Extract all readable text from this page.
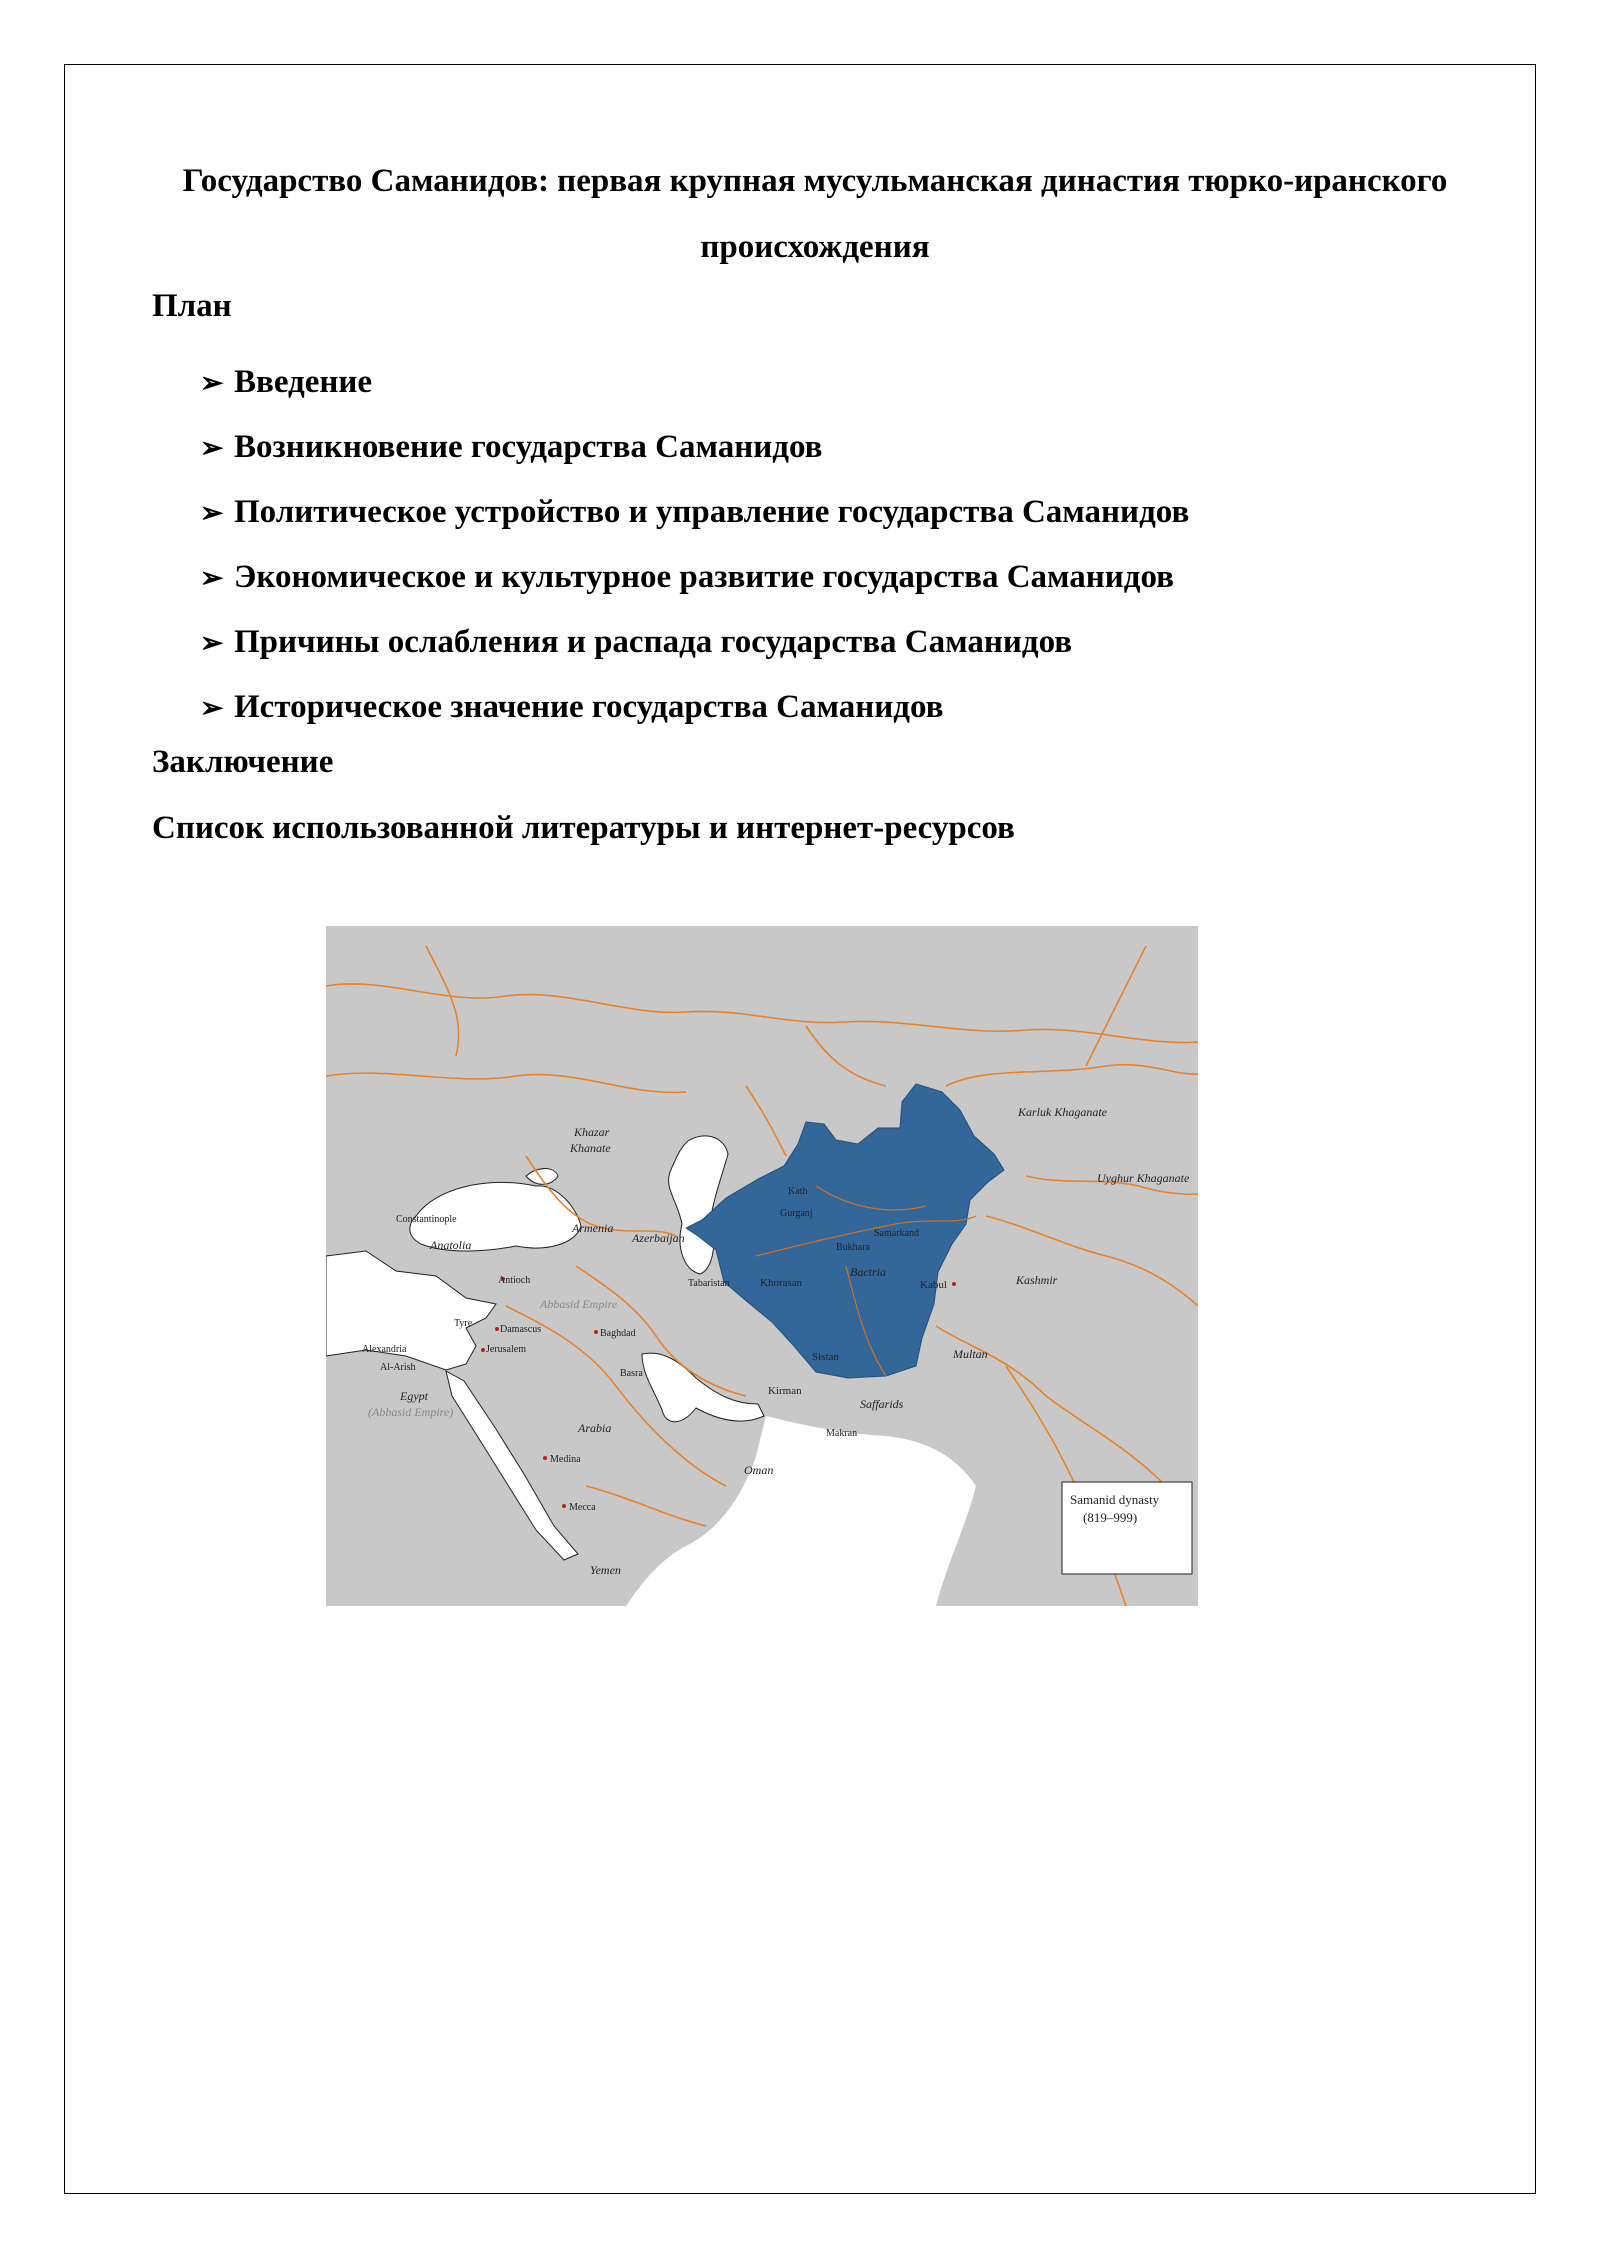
Государство Саманидов: первая крупная мусульманская династия тюрко-иранского происхождения
План
➢ Введение
➢ Возникновение государства Саманидов
➢ Политическое устройство и управление государства Саманидов
➢ Экономическое и культурное развитие государства Саманидов
➢ Причины ослабления и распада государства Саманидов
➢ Историческое значение государства Саманидов
Заключение
Список использованной литературы и интернет-ресурсов
Samanid dynasty
(819–999)
Karluk Khaganate
Uyghur Khaganate
Khazar
Khanate
Kath
Gurganj
Samarkand
Bukhara
Bactria
Kabul	Kashmir
Tabaristan	Khorasan
Sistan
Kirman
Saffarids
Makran
Multan
Constantinople
Anatolia
Armenia
Azerbaijan
Antioch
Abbasid Empire
Tyre
Damascus
Jerusalem
Baghdad
Alexandria
Al-Arish
Egypt
(Abbasid Empire)
Basra
Arabia
Medina
Mecca
Oman
Yemen
